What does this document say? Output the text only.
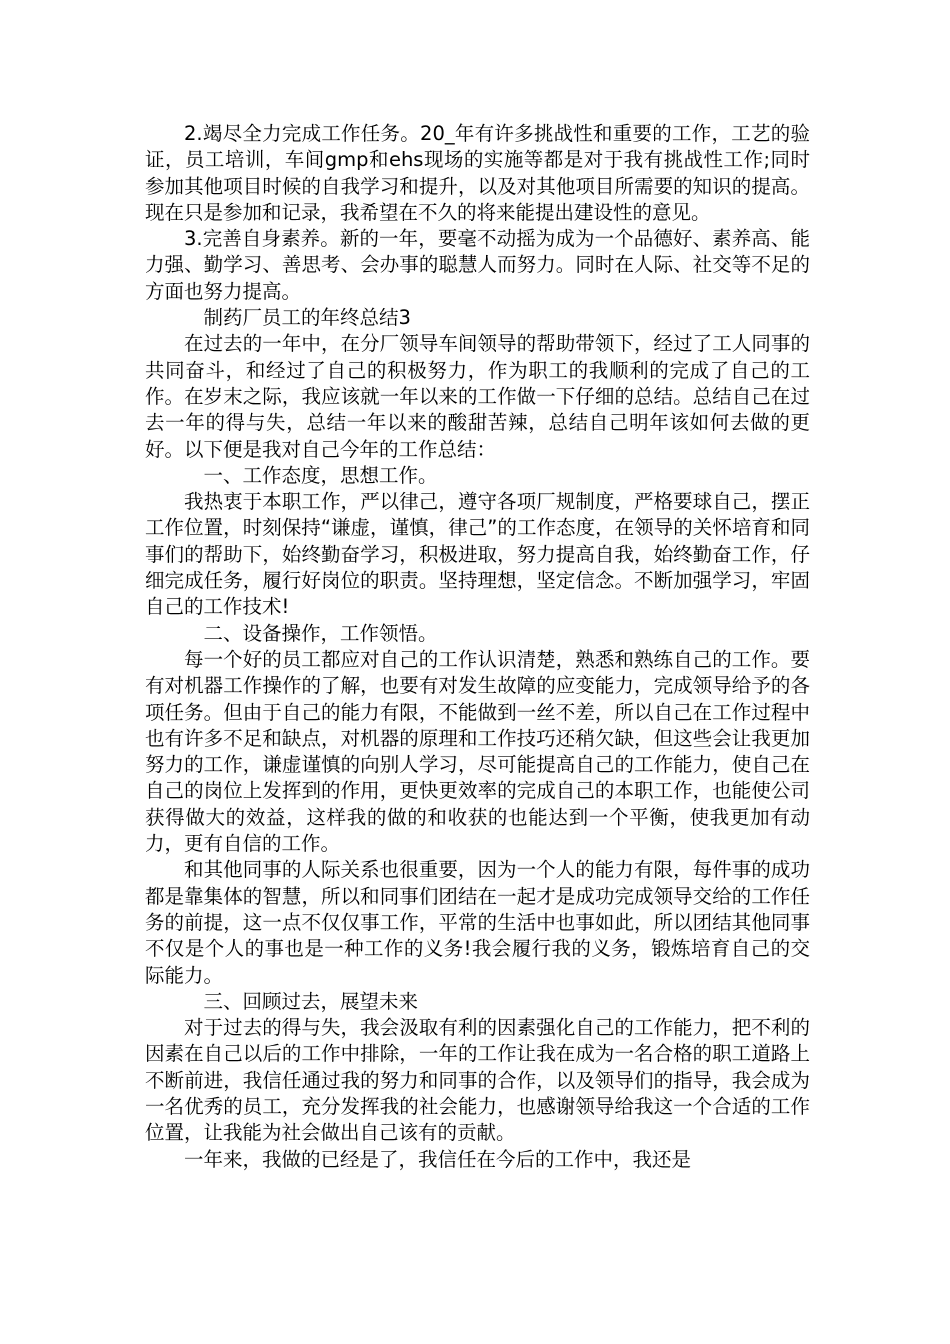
2.竭尽全力完成工作任务。20_年有许多挑战性和重要的工作，工艺的验证，员工培训，车间gmp和ehs现场的实施等都是对于我有挑战性工作;同时参加其他项目时候的自我学习和提升，以及对其他项目所需要的知识的提高。现在只是参加和记录，我希望在不久的将来能提出建设性的意见。

3.完善自身素养。新的一年，要毫不动摇为成为一个品德好、素养高、能力强、勤学习、善思考、会办事的聪慧人而努力。同时在人际、社交等不足的方面也努力提高。

制药厂员工的年终总结3

在过去的一年中，在分厂领导车间领导的帮助带领下，经过了工人同事的共同奋斗，和经过了自己的积极努力，作为职工的我顺利的完成了自己的工作。在岁末之际，我应该就一年以来的工作做一下仔细的总结。总结自己在过去一年的得与失，总结一年以来的酸甜苦辣，总结自己明年该如何去做的更好。以下便是我对自己今年的工作总结：

一、工作态度，思想工作。

我热衷于本职工作，严以律己，遵守各项厂规制度，严格要球自己，摆正工作位置，时刻保持“谦虚，谨慎，律己”的工作态度，在领导的关怀培育和同事们的帮助下，始终勤奋学习，积极进取，努力提高自我，始终勤奋工作，仔细完成任务，履行好岗位的职责。坚持理想，坚定信念。不断加强学习，牢固自己的工作技术!

二、设备操作，工作领悟。

每一个好的员工都应对自己的工作认识清楚，熟悉和熟练自己的工作。要有对机器工作操作的了解，也要有对发生故障的应变能力，完成领导给予的各项任务。但由于自己的能力有限，不能做到一丝不差，所以自己在工作过程中也有许多不足和缺点，对机器的原理和工作技巧还稍欠缺，但这些会让我更加努力的工作，谦虚谨慎的向别人学习，尽可能提高自己的工作能力，使自己在自己的岗位上发挥到的作用，更快更效率的完成自己的本职工作，也能使公司获得做大的效益，这样我的做的和收获的也能达到一个平衡，使我更加有动力，更有自信的工作。

和其他同事的人际关系也很重要，因为一个人的能力有限，每件事的成功都是靠集体的智慧，所以和同事们团结在一起才是成功完成领导交给的工作任务的前提，这一点不仅仅事工作，平常的生活中也事如此，所以团结其他同事不仅是个人的事也是一种工作的义务!我会履行我的义务，锻炼培育自己的交际能力。

三、回顾过去，展望未来

对于过去的得与失，我会汲取有利的因素强化自己的工作能力，把不利的因素在自己以后的工作中排除，一年的工作让我在成为一名合格的职工道路上不断前进，我信任通过我的努力和同事的合作，以及领导们的指导，我会成为一名优秀的员工，充分发挥我的社会能力，也感谢领导给我这一个合适的工作位置，让我能为社会做出自己该有的贡献。

一年来，我做的已经是了，我信任在今后的工作中，我还是
